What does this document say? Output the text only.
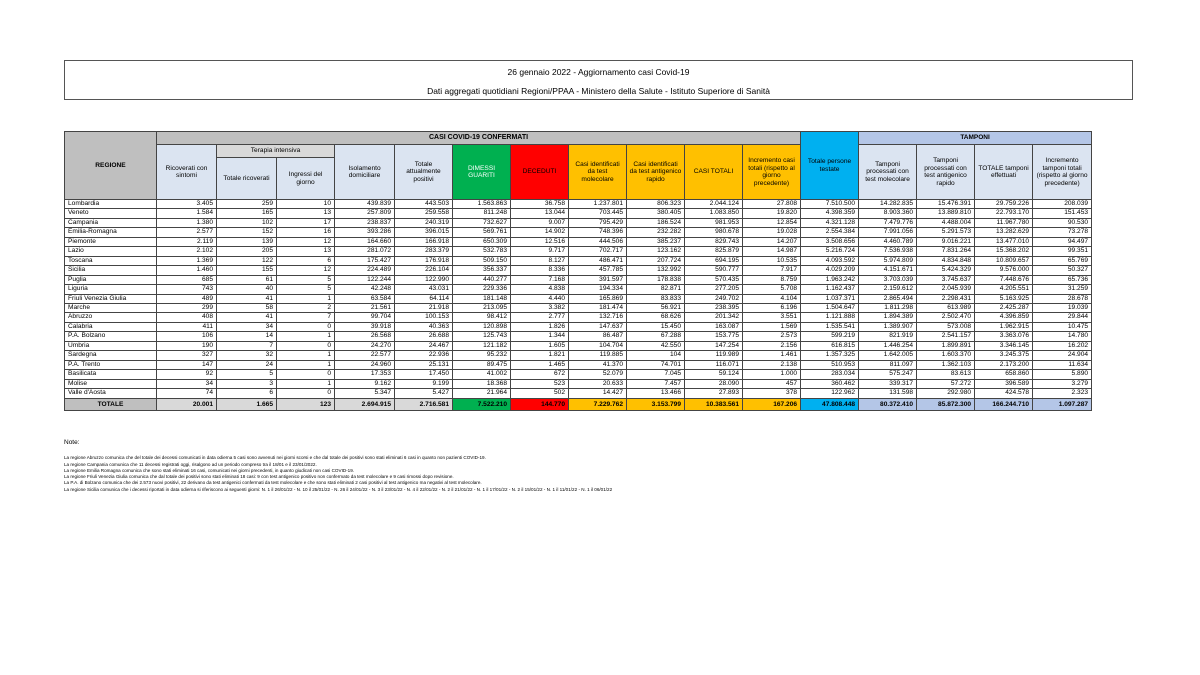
26 gennaio 2022 - Aggiornamento casi Covid-19
Dati aggregati quotidiani Regioni/PPAA - Ministero della Salute - Istituto Superiore di Sanità
REGIONE	CASI COVID-19 CONFERMATI											Totale persone testate	TAMPONI			
	Ricoverati con sintomi	Terapia intensiva		Isolamento domiciliare	Totale attualmente positivi	DIMESSI GUARITI	DECEDUTI	Casi identificati da test molecolare	Casi identificati da test antigenico rapido	CASI TOTALI	Incremento casi totali (rispetto al giorno precedente)		Tamponi processati con test molecolare	Tamponi processati con test antigenico rapido	TOTALE tamponi effettuati	Incremento tamponi totali (rispetto al giorno precedente)
		Totale ricoverati	Ingressi del giorno													
Lombardia	3.405	259	10	439.839	443.503	1.563.863	36.758	1.237.801	806.323	2.044.124	27.808	7.510.500	14.282.835	15.476.391	29.759.226	208.039
Veneto	1.584	165	13	257.809	259.558	811.248	13.044	703.445	380.405	1.083.850	19.820	4.398.359	8.903.360	13.889.810	22.793.170	151.453
Campania	1.380	102	17	238.837	240.319	732.627	9.007	795.429	186.524	981.953	12.854	4.321.128	7.479.776	4.488.004	11.967.780	90.530
Emilia-Romagna	2.577	152	16	393.286	396.015	569.761	14.902	748.396	232.282	980.678	19.028	2.554.384	7.991.056	5.291.573	13.282.629	73.278
Piemonte	2.119	139	12	164.660	166.918	650.309	12.516	444.506	385.237	829.743	14.207	3.508.656	4.460.789	9.016.221	13.477.010	94.497
Lazio	2.102	205	13	281.072	283.379	532.783	9.717	702.717	123.162	825.879	14.987	5.216.724	7.536.938	7.831.264	15.368.202	99.351
Toscana	1.369	122	6	175.427	176.918	509.150	8.127	486.471	207.724	694.195	10.535	4.093.592	5.974.809	4.834.848	10.809.657	65.769
Sicilia	1.460	155	12	224.489	226.104	356.337	8.336	457.785	132.992	590.777	7.917	4.029.209	4.151.671	5.424.329	9.576.000	50.327
Puglia	685	61	5	122.244	122.990	440.277	7.168	391.597	178.838	570.435	8.759	1.963.242	3.703.039	3.745.637	7.448.676	65.736
Liguria	743	40	5	42.248	43.031	229.336	4.838	194.334	82.871	277.205	5.708	1.162.437	2.159.612	2.045.939	4.205.551	31.259
Friuli Venezia Giulia	489	41	1	63.584	64.114	181.148	4.440	165.869	83.833	249.702	4.104	1.037.371	2.865.494	2.298.431	5.163.925	28.678
Marche	299	58	2	21.561	21.918	213.095	3.382	181.474	56.921	238.395	6.196	1.504.647	1.811.298	613.989	2.425.287	19.039
Abruzzo	408	41	7	99.704	100.153	98.412	2.777	132.716	68.626	201.342	3.551	1.121.888	1.894.389	2.502.470	4.396.859	29.844
Calabria	411	34	0	39.918	40.363	120.898	1.826	147.637	15.450	163.087	1.569	1.535.541	1.389.907	573.008	1.962.915	10.475
P.A. Bolzano	106	14	1	26.568	26.688	125.743	1.344	86.487	67.288	153.775	2.573	599.219	821.919	2.541.157	3.363.076	14.780
Umbria	190	7	0	24.270	24.467	121.182	1.605	104.704	42.550	147.254	2.156	616.815	1.446.254	1.899.891	3.346.145	16.202
Sardegna	327	32	1	22.577	22.936	95.232	1.821	119.885	104	119.989	1.461	1.357.325	1.642.005	1.603.370	3.245.375	24.904
P.A. Trento	147	24	1	24.960	25.131	89.475	1.465	41.370	74.701	116.071	2.138	510.953	811.097	1.362.103	2.173.200	11.634
Basilicata	92	5	0	17.353	17.450	41.002	672	52.079	7.045	59.124	1.000	283.034	575.247	83.613	658.860	5.890
Molise	34	3	1	9.162	9.199	18.368	523	20.633	7.457	28.090	457	360.462	339.317	57.272	396.589	3.279
Valle d'Aosta	74	6	0	5.347	5.427	21.964	502	14.427	13.466	27.893	378	122.962	131.598	292.980	424.578	2.323
TOTALE	20.001	1.665	123	2.694.915	2.716.581	7.522.210	144.770	7.229.762	3.153.799	10.383.561	167.206	47.808.448	80.372.410	85.872.300	166.244.710	1.097.287
Note:
La regione Abruzzo comunica che del totale dei decessi comunicati in data odierna 5 casi sono avvenuti nei giorni scorsi e che dal totale dei positivi sono stati eliminati 6 casi in quanto non pazienti COVID-19.
La regione Campania comunica che 11 decessi registrati oggi, risalgono ad un periodo compreso tra il 18/01 e il 23/01/2022.
La regione Emilia Romagna comunica che sono stati eliminati 16 casi, comunicati nei giorni precedenti, in quanto giudicati non casi COVID-19.
La regione Friuli Venezia Giulia comunica che dal totale dei positivi sono stati eliminati 18 casi: 9 con test antigenico positivo non confermato da test molecolare e 9 casi rimossi dopo revisione.
La P.A. di Bolzano comunica che dei 2.573 nuovi positivi, 22 derivano da test antigenici confermati da test molecolare e che sono stati eliminati 2 casi positivi al test antigenico ma negativi al test molecolare.
La regione Sicilia comunica che i decessi riportati in data odierna si riferiscono ai seguenti giorni: N. 1 il 26/01/22 - N. 10 il 25/01/22 - N. 26 il 24/01/22 - N. 3 il 23/01/22 - N. 4 il 22/01/22 - N. 2 il 21/01/22 - N. 1 il 17/01/22 - N. 2 il 15/01/22 - N. 1 il 11/01/22 - N. 1 il 06/01/22
